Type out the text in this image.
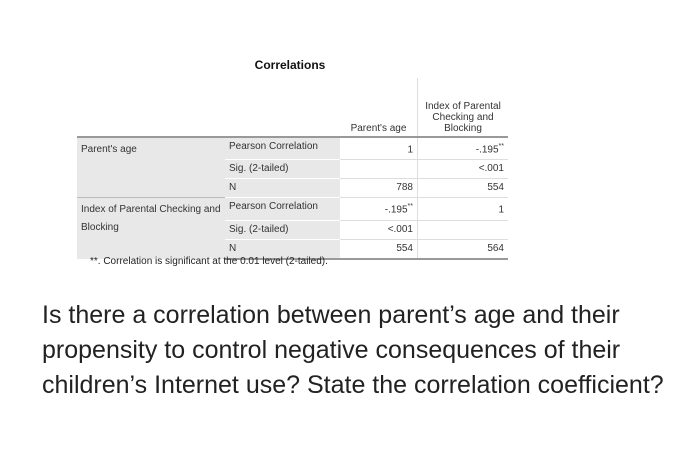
Correlations
		Parent's age	Index of Parental Checking and Blocking
Parent's age	Pearson Correlation	1	-.195**
	Sig. (2-tailed)		<.001
	N	788	554
Index of Parental Checking and Blocking	Pearson Correlation	-.195**	1
	Sig. (2-tailed)	<.001	
	N	554	564
**. Correlation is significant at the 0.01 level (2-tailed).
Is there a correlation between parent’s age and their propensity to control negative consequences of their children’s Internet use? State the correlation coefficient?
